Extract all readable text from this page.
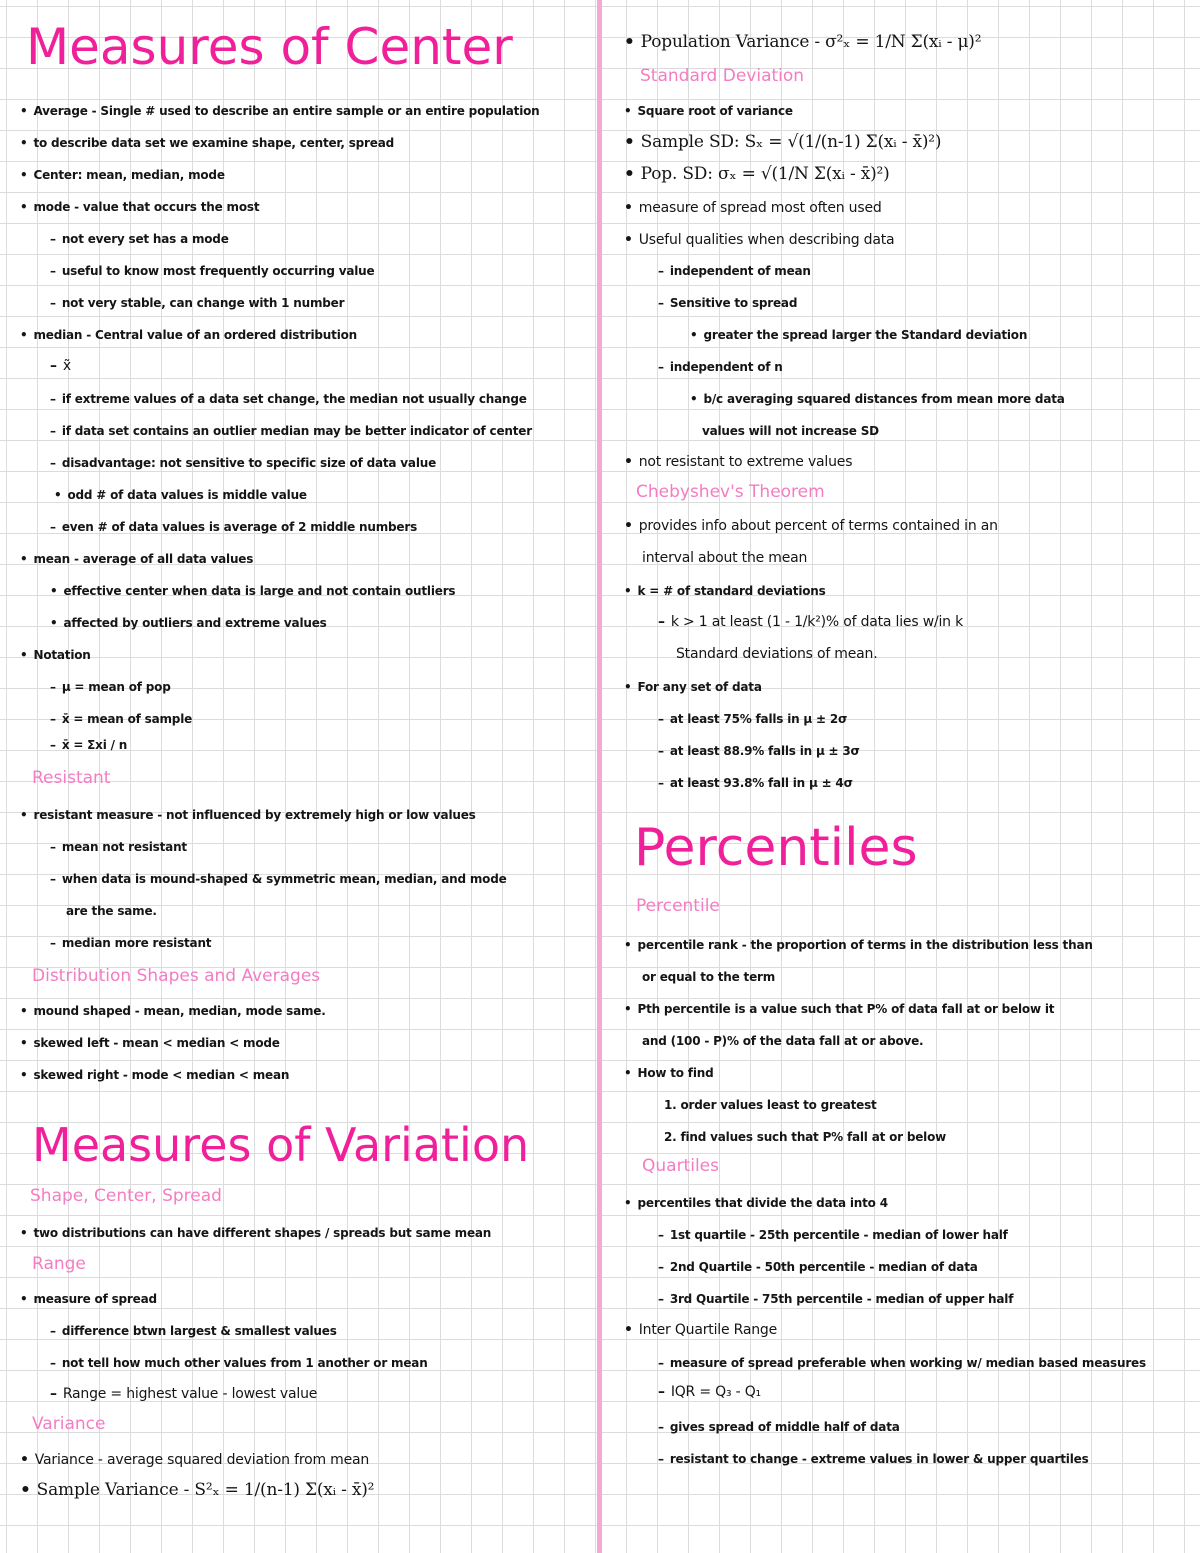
Measures of Center
• Average - Single # used to describe an entire sample or an entire population
• to describe data set we examine shape, center, spread
• Center: mean, median, mode
• mode - value that occurs the most
– not every set has a mode
– useful to know most frequently occurring value
– not very stable, can change with 1 number
• median - Central value of an ordered distribution
– x̃
– if extreme values of a data set change, the median not usually change
– if data set contains an outlier median may be better indicator of center
– disadvantage: not sensitive to specific size of data value
• odd # of data values is middle value
– even # of data values is average of 2 middle numbers
• mean - average of all data values
• effective center when data is large and not contain outliers
• affected by outliers and extreme values
• Notation
– μ = mean of pop
– x̄ = mean of sample
– x̄ = Σxi / n
Resistant
• resistant measure - not influenced by extremely high or low values
– mean not resistant
– when data is mound-shaped & symmetric mean, median, and mode
are the same.
– median more resistant
Distribution Shapes and Averages
• mound shaped - mean, median, mode same.
• skewed left - mean < median < mode
• skewed right - mode < median < mean
Measures of Variation
Shape, Center, Spread
• two distributions can have different shapes / spreads but same mean
Range
• measure of spread
– difference btwn largest & smallest values
– not tell how much other values from 1 another or mean
– Range = highest value - lowest value
Variance
• Variance - average squared deviation from mean
• Sample Variance - S²ₓ = 1/(n-1) Σ(xᵢ - x̄)²
• Population Variance - σ²ₓ = 1/N Σ(xᵢ - μ)²
Standard Deviation
• Square root of variance
• Sample SD: Sₓ = √(1/(n-1) Σ(xᵢ - x̄)²)
• Pop. SD: σₓ = √(1/N Σ(xᵢ - x̄)²)
• measure of spread most often used
• Useful qualities when describing data
– independent of mean
– Sensitive to spread
• greater the spread larger the Standard deviation
– independent of n
• b/c averaging squared distances from mean more data
values will not increase SD
• not resistant to extreme values
Chebyshev's Theorem
• provides info about percent of terms contained in an
interval about the mean
• k = # of standard deviations
– k > 1 at least (1 - 1/k²)% of data lies w/in k
Standard deviations of mean.
• For any set of data
– at least 75% falls in μ ± 2σ
– at least 88.9% falls in μ ± 3σ
– at least 93.8% fall in μ ± 4σ
Percentiles
Percentile
• percentile rank - the proportion of terms in the distribution less than
or equal to the term
• Pth percentile is a value such that P% of data fall at or below it
and (100 - P)% of the data fall at or above.
• How to find
1. order values least to greatest
2. find values such that P% fall at or below
Quartiles
• percentiles that divide the data into 4
– 1st quartile - 25th percentile - median of lower half
– 2nd Quartile - 50th percentile - median of data
– 3rd Quartile - 75th percentile - median of upper half
• Inter Quartile Range
– measure of spread preferable when working w/ median based measures
– IQR = Q₃ - Q₁
– gives spread of middle half of data
– resistant to change - extreme values in lower & upper quartiles
